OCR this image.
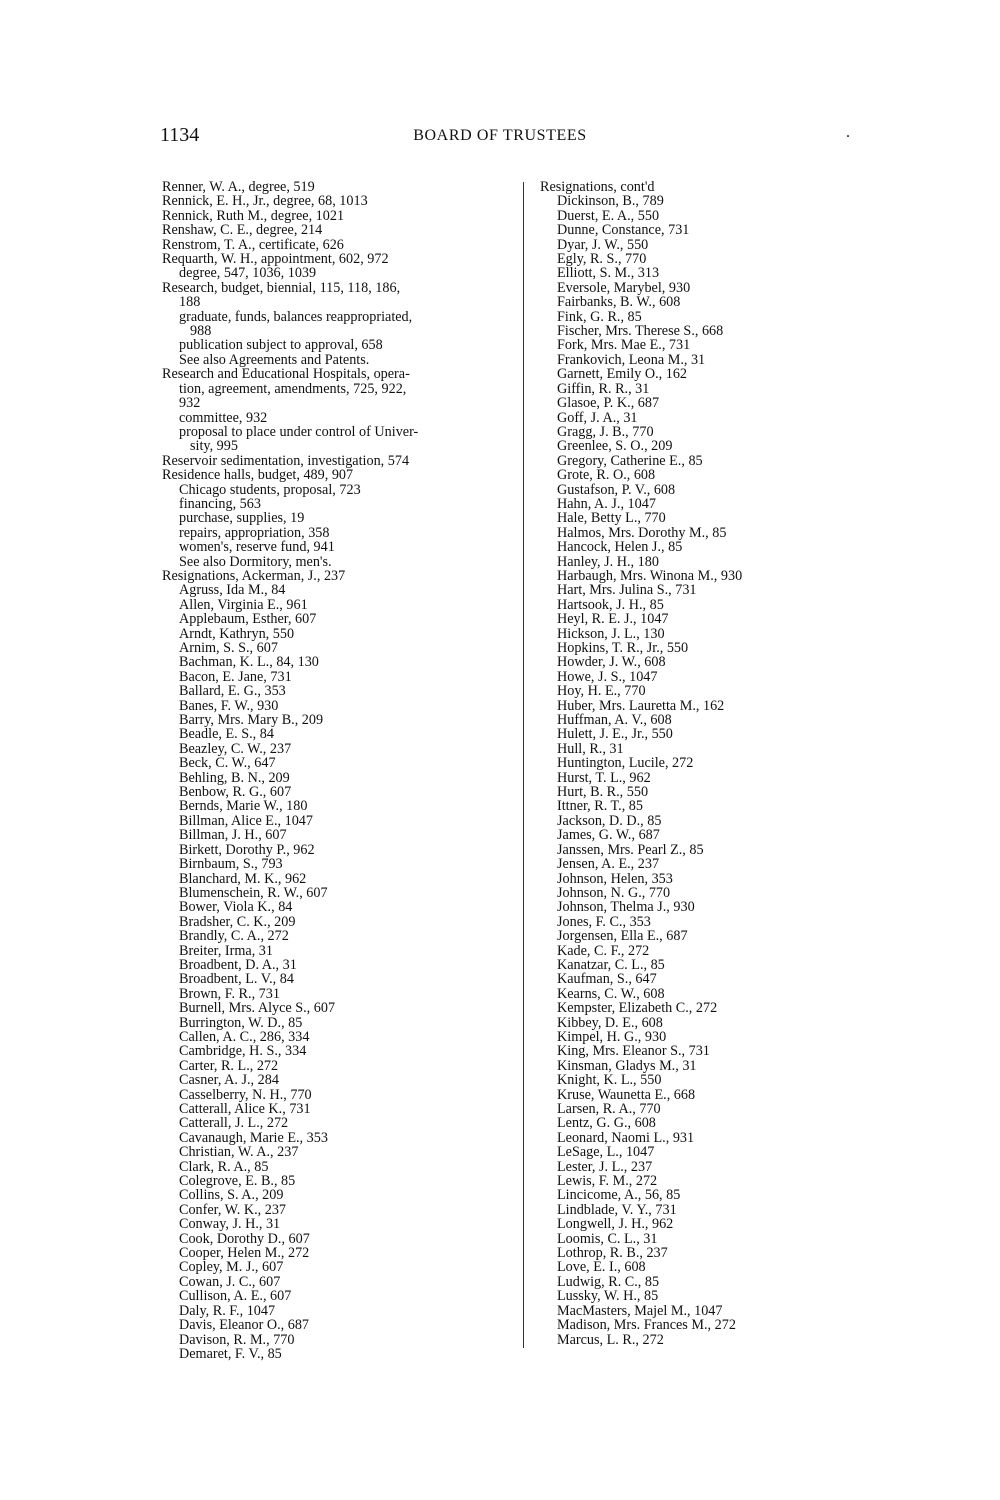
1134	BOARD OF TRUSTEES	.
Renner, W. A., degree, 519
Rennick, E. H., Jr., degree, 68, 1013
Rennick, Ruth M., degree, 1021
Renshaw, C. E., degree, 214
Renstrom, T. A., certificate, 626
Requarth, W. H., appointment, 602, 972
degree, 547, 1036, 1039
Research, budget, biennial, 115, 118, 186,
188
graduate, funds, balances reappropriated,
988
publication subject to approval, 658
See also Agreements and Patents.
Research and Educational Hospitals, opera-
tion, agreement, amendments, 725, 922,
932
committee, 932
proposal to place under control of Univer-
sity, 995
Reservoir sedimentation, investigation, 574
Residence halls, budget, 489, 907
Chicago students, proposal, 723
financing, 563
purchase, supplies, 19
repairs, appropriation, 358
women's, reserve fund, 941
See also Dormitory, men's.
Resignations, Ackerman, J., 237
Agruss, Ida M., 84
Allen, Virginia E., 961
Applebaum, Esther, 607
Arndt, Kathryn, 550
Arnim, S. S., 607
Bachman, K. L., 84, 130
Bacon, E. Jane, 731
Ballard, E. G., 353
Banes, F. W., 930
Barry, Mrs. Mary B., 209
Beadle, E. S., 84
Beazley, C. W., 237
Beck, C. W., 647
Behling, B. N., 209
Benbow, R. G., 607
Bernds, Marie W., 180
Billman, Alice E., 1047
Billman, J. H., 607
Birkett, Dorothy P., 962
Birnbaum, S., 793
Blanchard, M. K., 962
Blumenschein, R. W., 607
Bower, Viola K., 84
Bradsher, C. K., 209
Brandly, C. A., 272
Breiter, Irma, 31
Broadbent, D. A., 31
Broadbent, L. V., 84
Brown, F. R., 731
Burnell, Mrs. Alyce S., 607
Burrington, W. D., 85
Callen, A. C., 286, 334
Cambridge, H. S., 334
Carter, R. L., 272
Casner, A. J., 284
Casselberry, N. H., 770
Catterall, Alice K., 731
Catterall, J. L., 272
Cavanaugh, Marie E., 353
Christian, W. A., 237
Clark, R. A., 85
Colegrove, E. B., 85
Collins, S. A., 209
Confer, W. K., 237
Conway, J. H., 31
Cook, Dorothy D., 607
Cooper, Helen M., 272
Copley, M. J., 607
Cowan, J. C., 607
Cullison, A. E., 607
Daly, R. F., 1047
Davis, Eleanor O., 687
Davison, R. M., 770
Demaret, F. V., 85
Resignations, cont'd
Dickinson, B., 789
Duerst, E. A., 550
Dunne, Constance, 731
Dyar, J. W., 550
Egly, R. S., 770
Elliott, S. M., 313
Eversole, Marybel, 930
Fairbanks, B. W., 608
Fink, G. R., 85
Fischer, Mrs. Therese S., 668
Fork, Mrs. Mae E., 731
Frankovich, Leona M., 31
Garnett, Emily O., 162
Giffin, R. R., 31
Glasoe, P. K., 687
Goff, J. A., 31
Gragg, J. B., 770
Greenlee, S. O., 209
Gregory, Catherine E., 85
Grote, R. O., 608
Gustafson, P. V., 608
Hahn, A. J., 1047
Hale, Betty L., 770
Halmos, Mrs. Dorothy M., 85
Hancock, Helen J., 85
Hanley, J. H., 180
Harbaugh, Mrs. Winona M., 930
Hart, Mrs. Julina S., 731
Hartsook, J. H., 85
Heyl, R. E. J., 1047
Hickson, J. L., 130
Hopkins, T. R., Jr., 550
Howder, J. W., 608
Howe, J. S., 1047
Hoy, H. E., 770
Huber, Mrs. Lauretta M., 162
Huffman, A. V., 608
Hulett, J. E., Jr., 550
Hull, R., 31
Huntington, Lucile, 272
Hurst, T. L., 962
Hurt, B. R., 550
Ittner, R. T., 85
Jackson, D. D., 85
James, G. W., 687
Janssen, Mrs. Pearl Z., 85
Jensen, A. E., 237
Johnson, Helen, 353
Johnson, N. G., 770
Johnson, Thelma J., 930
Jones, F. C., 353
Jorgensen, Ella E., 687
Kade, C. F., 272
Kanatzar, C. L., 85
Kaufman, S., 647
Kearns, C. W., 608
Kempster, Elizabeth C., 272
Kibbey, D. E., 608
Kimpel, H. G., 930
King, Mrs. Eleanor S., 731
Kinsman, Gladys M., 31
Knight, K. L., 550
Kruse, Waunetta E., 668
Larsen, R. A., 770
Lentz, G. G., 608
Leonard, Naomi L., 931
LeSage, L., 1047
Lester, J. L., 237
Lewis, F. M., 272
Lincicome, A., 56, 85
Lindblade, V. Y., 731
Longwell, J. H., 962
Loomis, C. L., 31
Lothrop, R. B., 237
Love, E. I., 608
Ludwig, R. C., 85
Lussky, W. H., 85
MacMasters, Majel M., 1047
Madison, Mrs. Frances M., 272
Marcus, L. R., 272
